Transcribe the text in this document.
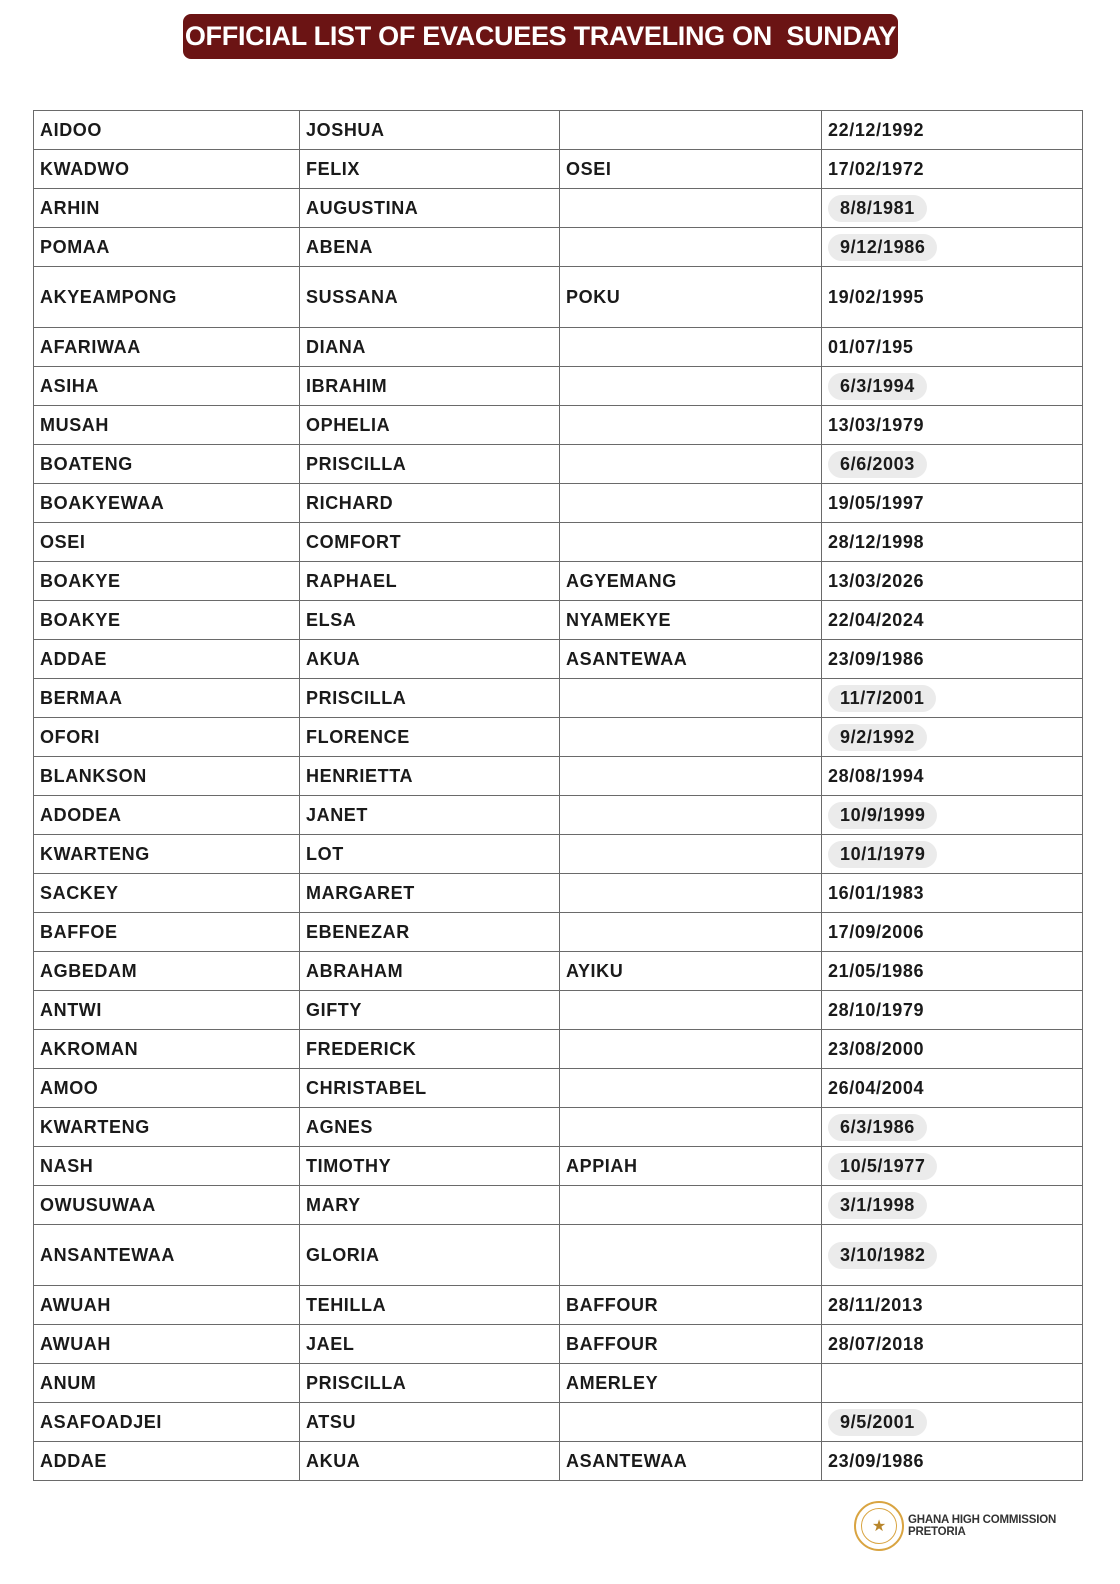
OFFICIAL LIST OF EVACUEES TRAVELING ON  SUNDAY
AIDOO	JOSHUA		22/12/1992
KWADWO	FELIX	OSEI	17/02/1972
ARHIN	AUGUSTINA		8/8/1981
POMAA	ABENA		9/12/1986
AKYEAMPONG	SUSSANA	POKU	19/02/1995
AFARIWAA	DIANA		01/07/195
ASIHA	IBRAHIM		6/3/1994
MUSAH	OPHELIA		13/03/1979
BOATENG	PRISCILLA		6/6/2003
BOAKYEWAA	RICHARD		19/05/1997
OSEI	COMFORT		28/12/1998
BOAKYE	RAPHAEL	AGYEMANG	13/03/2026
BOAKYE	ELSA	NYAMEKYE	22/04/2024
ADDAE	AKUA	ASANTEWAA	23/09/1986
BERMAA	PRISCILLA		11/7/2001
OFORI	FLORENCE		9/2/1992
BLANKSON	HENRIETTA		28/08/1994
ADODEA	JANET		10/9/1999
KWARTENG	LOT		10/1/1979
SACKEY	MARGARET		16/01/1983
BAFFOE	EBENEZAR		17/09/2006
AGBEDAM	ABRAHAM	AYIKU	21/05/1986
ANTWI	GIFTY		28/10/1979
AKROMAN	FREDERICK		23/08/2000
AMOO	CHRISTABEL		26/04/2004
KWARTENG	AGNES		6/3/1986
NASH	TIMOTHY	APPIAH	10/5/1977
OWUSUWAA	MARY		3/1/1998
ANSANTEWAA	GLORIA		3/10/1982
AWUAH	TEHILLA	BAFFOUR	28/11/2013
AWUAH	JAEL	BAFFOUR	28/07/2018
ANUM	PRISCILLA	AMERLEY	
ASAFOADJEI	ATSU		9/5/2001
ADDAE	AKUA	ASANTEWAA	23/09/1986
★	GHANA HIGH COMMISSION
PRETORIA
